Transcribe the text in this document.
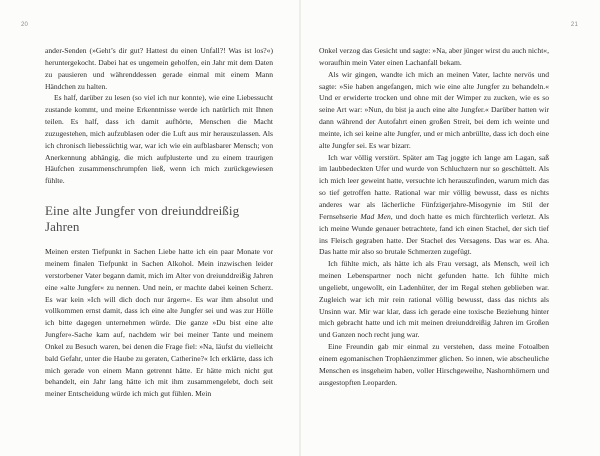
20

ander-Senden (»Geht’s dir gut? Hattest du einen Unfall?! Was ist los?«) heruntergekocht. Dabei hat es ungemein geholfen, ein Jahr mit dem Daten zu pausieren und währenddessen gerade einmal mit einem Mann Händchen zu halten.

Es half, darüber zu lesen (so viel ich nur konnte), wie eine Liebessucht zustande kommt, und meine Erkenntnisse werde ich natürlich mit Ihnen teilen. Es half, dass ich damit aufhörte, Menschen die Macht zuzugestehen, mich aufzublasen oder die Luft aus mir herauszulassen. Als ich chronisch liebessüchtig war, war ich wie ein aufblasbarer Mensch; von Anerkennung abhängig, die mich aufplusterte und zu einem traurigen Häufchen zusammenschrumpfen ließ, wenn ich mich zurückgewiesen fühlte.

Eine alte Jungfer von dreiunddreißig Jahren

Meinen ersten Tiefpunkt in Sachen Liebe hatte ich ein paar Monate vor meinem finalen Tiefpunkt in Sachen Alkohol. Mein inzwischen leider verstorbener Vater begann damit, mich im Alter von dreiunddreißig Jahren eine »alte Jungfer« zu nennen. Und nein, er machte dabei keinen Scherz. Es war kein »Ich will dich doch nur ärgern«. Es war ihm absolut und vollkommen ernst damit, dass ich eine alte Jungfer sei und was zur Hölle ich bitte dagegen unternehmen würde. Die ganze »Du bist eine alte Jungfer«-Sache kam auf, nachdem wir bei meiner Tante und meinem Onkel zu Besuch waren, bei denen die Frage fiel: »Na, läufst du vielleicht bald Gefahr, unter die Haube zu geraten, Catherine?« Ich erklärte, dass ich mich gerade von einem Mann getrennt hätte. Er hätte mich nicht gut behandelt, ein Jahr lang hätte ich mit ihm zusammengelebt, doch seit meiner Entscheidung würde ich mich gut fühlen. Mein

21

Onkel verzog das Gesicht und sagte: »Na, aber jünger wirst du auch nicht«, woraufhin mein Vater einen Lachanfall bekam.

Als wir gingen, wandte ich mich an meinen Vater, lachte nervös und sagte: »Sie haben angefangen, mich wie eine alte Jungfer zu behandeln.« Und er erwiderte trocken und ohne mit der Wimper zu zucken, wie es so seine Art war: »Nun, du bist ja auch eine alte Jungfer.« Darüber hatten wir dann während der Autofahrt einen großen Streit, bei dem ich weinte und meinte, ich sei keine alte Jungfer, und er mich anbrüllte, dass ich doch eine alte Jungfer sei. Es war bizarr.

Ich war völlig verstört. Später am Tag joggte ich lange am Lagan, saß im laubbedeckten Ufer und wurde von Schluchzern nur so geschüttelt. Als ich mich leer geweint hatte, versuchte ich herauszufinden, warum mich das so tief getroffen hatte. Rational war mir völlig bewusst, dass es nichts anderes war als lächerliche Fünfzigerjahre-Misogynie im Stil der Fernsehserie Mad Men, und doch hatte es mich fürchterlich verletzt. Als ich meine Wunde genauer betrachtete, fand ich einen Stachel, der sich tief ins Fleisch gegraben hatte. Der Stachel des Versagens. Das war es. Aha. Das hatte mir also so brutale Schmerzen zugefügt.

Ich fühlte mich, als hätte ich als Frau versagt, als Mensch, weil ich meinen Lebenspartner noch nicht gefunden hatte. Ich fühlte mich ungeliebt, ungewollt, ein Ladenhüter, der im Regal stehen geblieben war. Zugleich war ich mir rein rational völlig bewusst, dass das nichts als Unsinn war. Mir war klar, dass ich gerade eine toxische Beziehung hinter mich gebracht hatte und ich mit meinen dreiunddreißig Jahren im Großen und Ganzen noch recht jung war.

Eine Freundin gab mir einmal zu verstehen, dass meine Fotoalben einem egomanischen Trophäenzimmer glichen. So innen, wie abscheuliche Menschen es insgeheim haben, voller Hirschgeweihe, Nashornhörnern und ausgestopften Leoparden.
